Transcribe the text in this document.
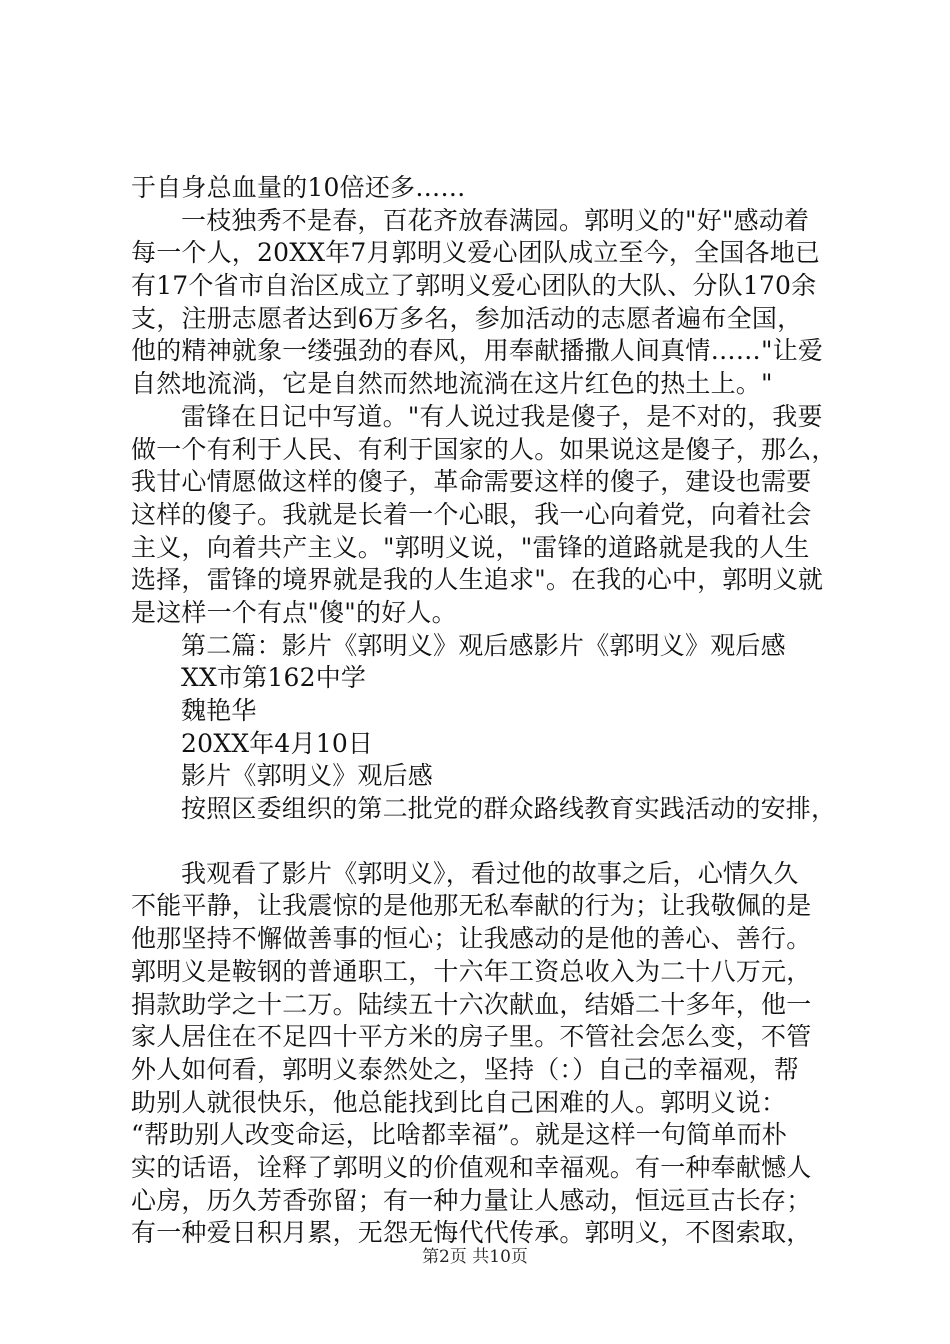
于自身总血量的10倍还多……
一枝独秀不是春，百花齐放春满园。郭明义的"好"感动着
每一个人，20XX年7月郭明义爱心团队成立至今，全国各地已
有17个省市自治区成立了郭明义爱心团队的大队、分队170余
支，注册志愿者达到6万多名，参加活动的志愿者遍布全国，
他的精神就象一缕强劲的春风，用奉献播撒人间真情……"让爱
自然地流淌，它是自然而然地流淌在这片红色的热土上。"
雷锋在日记中写道。"有人说过我是傻子，是不对的，我要
做一个有利于人民、有利于国家的人。如果说这是傻子，那么，
我甘心情愿做这样的傻子，革命需要这样的傻子，建设也需要
这样的傻子。我就是长着一个心眼，我一心向着党，向着社会
主义，向着共产主义。"郭明义说，"雷锋的道路就是我的人生
选择，雷锋的境界就是我的人生追求"。在我的心中，郭明义就
是这样一个有点"傻"的好人。
第二篇：影片《郭明义》观后感影片《郭明义》观后感
XX市第162中学
魏艳华
20XX年4月10日
影片《郭明义》观后感
按照区委组织的第二批党的群众路线教育实践活动的安排，
我观看了影片《郭明义》，看过他的故事之后，心情久久
不能平静，让我震惊的是他那无私奉献的行为；让我敬佩的是
他那坚持不懈做善事的恒心；让我感动的是他的善心、善行。
郭明义是鞍钢的普通职工，十六年工资总收入为二十八万元，
捐款助学之十二万。陆续五十六次献血，结婚二十多年，他一
家人居住在不足四十平方米的房子里。不管社会怎么变，不管
外人如何看，郭明义泰然处之，坚持（：）自己的幸福观，帮
助别人就很快乐，他总能找到比自己困难的人。郭明义说：
“帮助别人改变命运，比啥都幸福”。就是这样一句简单而朴
实的话语，诠释了郭明义的价值观和幸福观。有一种奉献憾人
心房，历久芳香弥留；有一种力量让人感动，恒远亘古长存；
有一种爱日积月累，无怨无悔代代传承。郭明义，不图索取，
第2页 共10页
